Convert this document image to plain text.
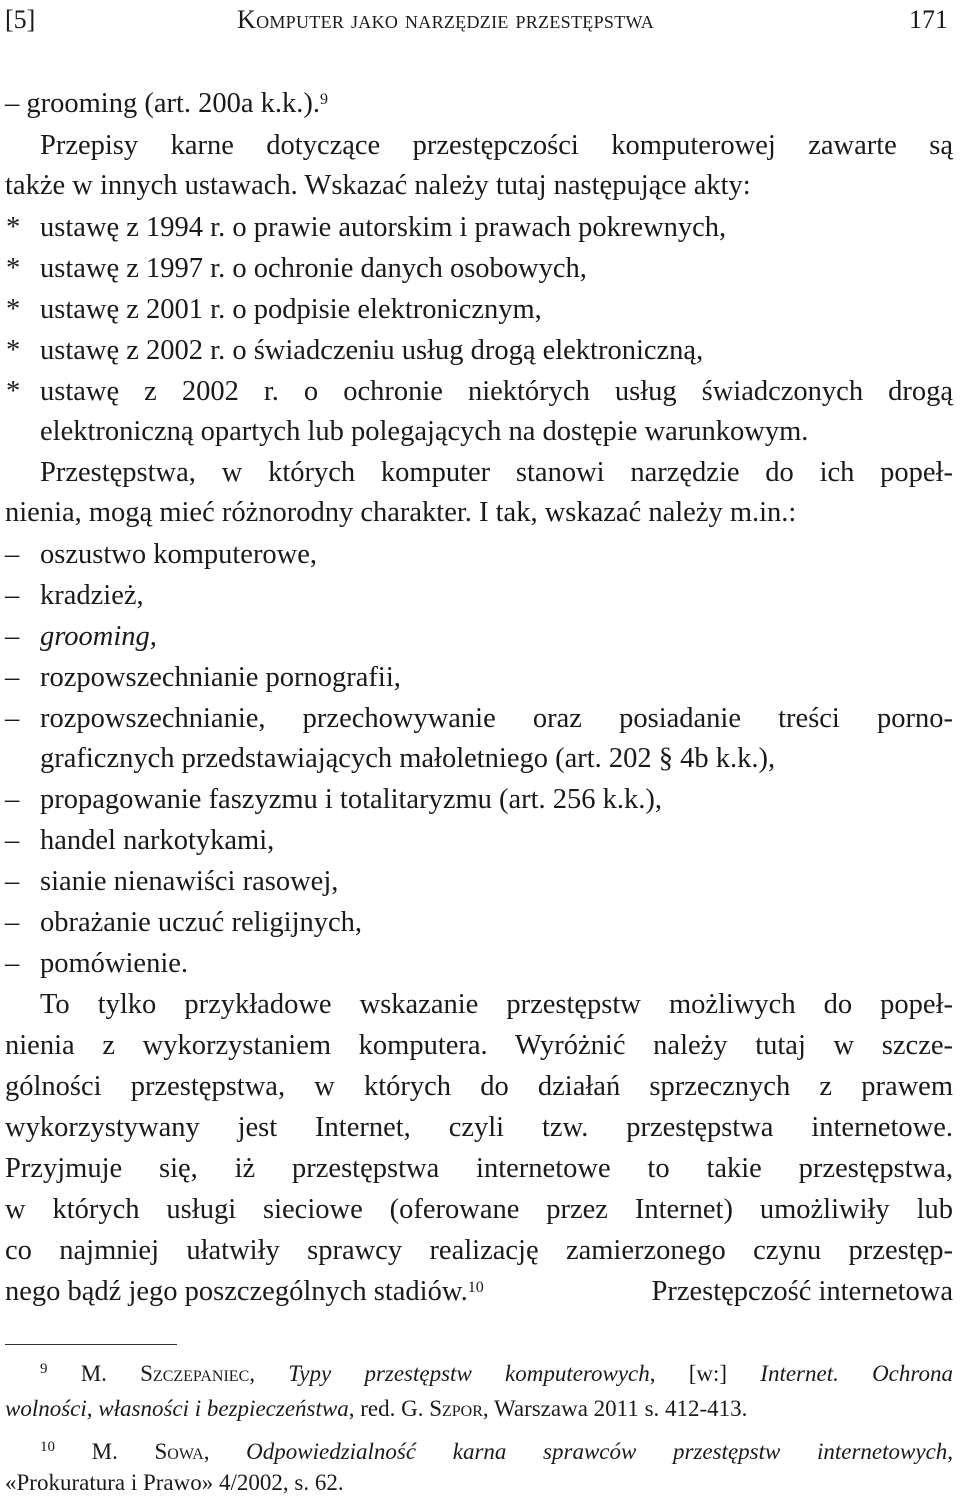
[5]	Komputer jako narzędzie przestępstwa	171
– grooming (art. 200a k.k.).$^9$
Przepisy karne dotyczące przestępczości komputerowej zawarte są
także w innych ustawach. Wskazać należy tutaj następujące akty:
* ustawę z 1994 r. o prawie autorskim i prawach pokrewnych,
* ustawę z 1997 r. o ochronie danych osobowych,
* ustawę z 2001 r. o podpisie elektronicznym,
* ustawę z 2002 r. o świadczeniu usług drogą elektroniczną,
* ustawę z 2002 r. o ochronie niektórych usług świadczonych drogą
elektroniczną opartych lub polegających na dostępie warunkowym.
Przestępstwa, w których komputer stanowi narzędzie do ich popeł-
nienia, mogą mieć różnorodny charakter. I tak, wskazać należy m.in.:
– oszustwo komputerowe,
– kradzież,
– grooming,
– rozpowszechnianie pornografii,
– rozpowszechnianie, przechowywanie oraz posiadanie treści porno-
graficznych przedstawiających małoletniego (art. 202 § 4b k.k.),
– propagowanie faszyzmu i totalitaryzmu (art. 256 k.k.),
– handel narkotykami,
– sianie nienawiści rasowej,
– obrażanie uczuć religijnych,
– pomówienie.
To tylko przykładowe wskazanie przestępstw możliwych do popeł-
nienia z wykorzystaniem komputera. Wyróżnić należy tutaj w szcze-
gólności przestępstwa, w których do działań sprzecznych z prawem
wykorzystywany jest Internet, czyli tzw. przestępstwa internetowe.
Przyjmuje się, iż przestępstwa internetowe to takie przestępstwa,
w których usługi sieciowe (oferowane przez Internet) umożliwiły lub
co najmniej ułatwiły sprawcy realizację zamierzonego czynu przestęp-
nego bądź jego poszczególnych stadiów.$^{10}$	Przestępczość internetowa
$^9$ M. Szczepaniec, Typy przestępstw komputerowych, [w:] Internet. Ochrona
wolności, własności i bezpieczeństwa, red. G. Szpor, Warszawa 2011 s. 412-413.
$^{10}$ M. Sowa, Odpowiedzialność karna sprawców przestępstw internetowych,
«Prokuratura i Prawo» 4/2002, s. 62.
